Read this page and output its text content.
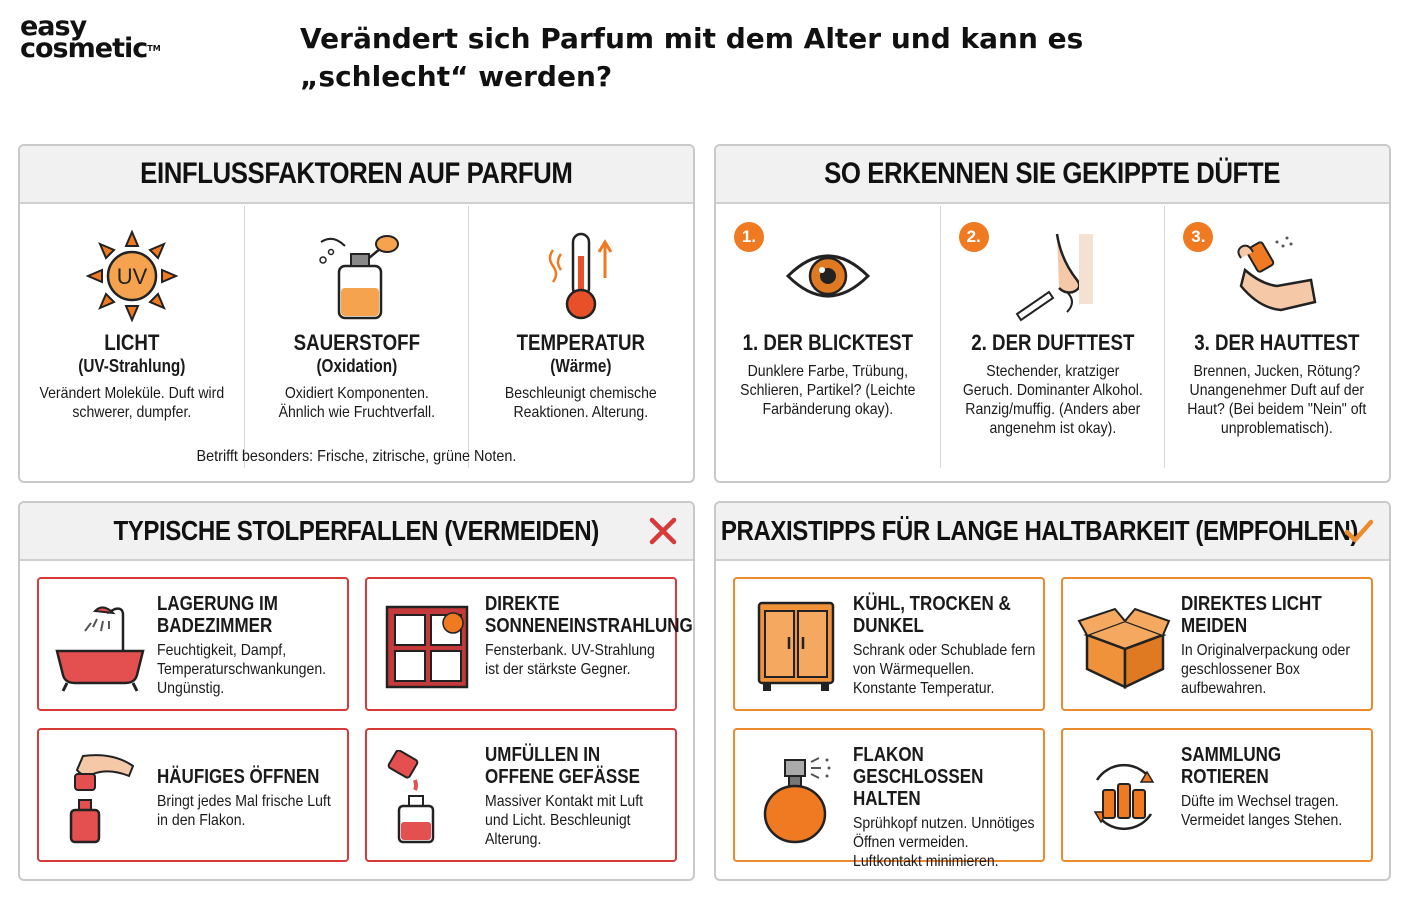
easy
cosmetic™	Verändert sich Parfum mit dem Alter und kann es „schlecht“ werden?
EINFLUSSFAKTOREN AUF PARFUM
UV
LICHT
(UV-Strahlung)
Verändert Moleküle. Duft wird schwerer, dumpfer.
SAUERSTOFF
(Oxidation)
Oxidiert Komponenten. Ähnlich wie Fruchtverfall.
TEMPERATUR
(Wärme)
Beschleunigt chemische Reaktionen. Alterung.
Betrifft besonders: Frische, zitrische, grüne Noten.
SO ERKENNEN SIE GEKIPPTE DÜFTE
1.
1. DER BLICKTEST
Dunklere Farbe, Trübung, Schlieren, Partikel? (Leichte Farbänderung okay).
2.
2. DER DUFTTEST
Stechender, kratziger Geruch. Dominanter Alkohol. Ranzig/muffig. (Anders aber angenehm ist okay).
3.
3. DER HAUTTEST
Brennen, Jucken, Rötung? Unangenehmer Duft auf der Haut? (Bei beidem "Nein" oft unproblematisch).
TYPISCHE STOLPERFALLEN (VERMEIDEN)
LAGERUNG IM BADEZIMMER
Feuchtigkeit, Dampf, Temperaturschwankungen. Ungünstig.
DIREKTE SONNENEINSTRAHLUNG
Fensterbank. UV-Strahlung ist der stärkste Gegner.
HÄUFIGES ÖFFNEN
Bringt jedes Mal frische Luft in den Flakon.
UMFÜLLEN IN OFFENE GEFÄSSE
Massiver Kontakt mit Luft und Licht. Beschleunigt Alterung.
PRAXISTIPPS FÜR LANGE HALTBARKEIT (EMPFOHLEN)
KÜHL, TROCKEN & DUNKEL
Schrank oder Schublade fern von Wärmequellen. Konstante Temperatur.
DIREKTES LICHT MEIDEN
In Originalverpackung oder geschlossener Box aufbewahren.
FLAKON GESCHLOSSEN HALTEN
Sprühkopf nutzen. Unnötiges Öffnen vermeiden. Luftkontakt minimieren.
SAMMLUNG ROTIEREN
Düfte im Wechsel tragen. Vermeidet langes Stehen.
